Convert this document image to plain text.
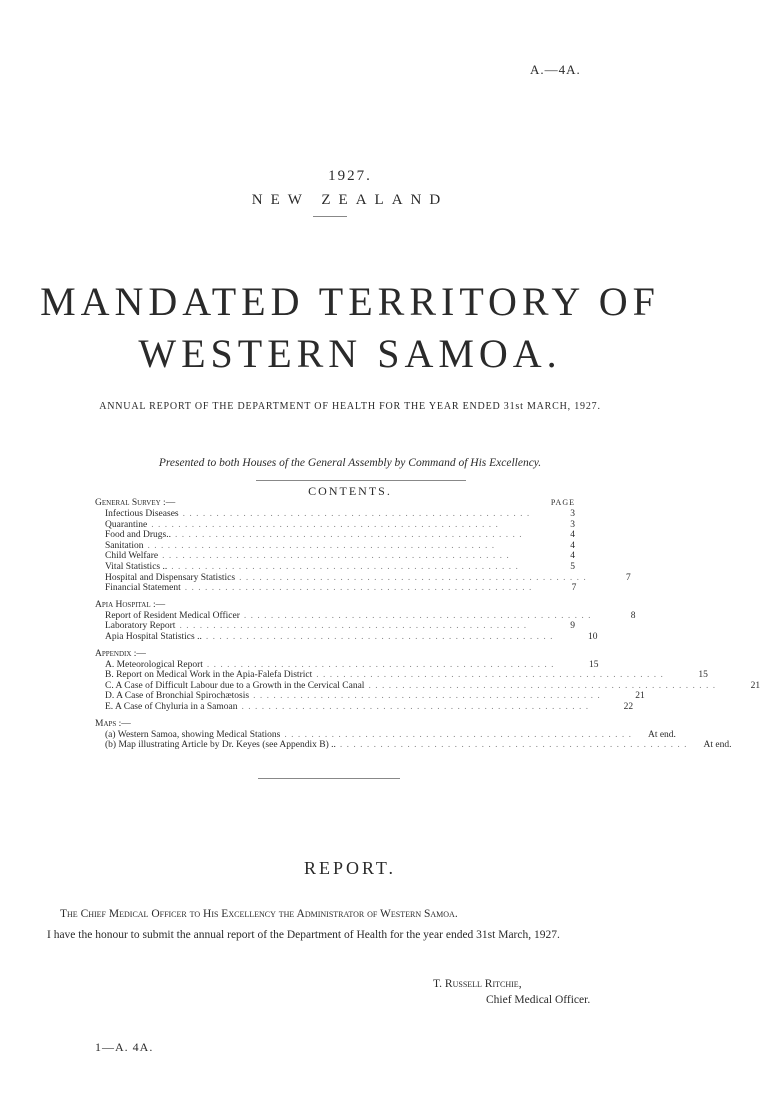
A.—4A.
1927.
NEW ZEALAND
MANDATED TERRITORY OF
WESTERN SAMOA.
ANNUAL REPORT OF THE DEPARTMENT OF HEALTH FOR THE YEAR ENDED 31st MARCH, 1927.
Presented to both Houses of the General Assembly by Command of His Excellency.
CONTENTS.
General Survey :—	PAGE
Infectious Diseases . . . . . . . . . . . . . . . . . . . . . . . . . . . . . . . . . . . . . . . . . . . . . . . . . . . .	3
Quarantine . . . . . . . . . . . . . . . . . . . . . . . . . . . . . . . . . . . . . . . . . . . . . . . . . . . .	3
Food and Drugs.. . . . . . . . . . . . . . . . . . . . . . . . . . . . . . . . . . . . . . . . . . . . . . . . . . . . .	4
Sanitation . . . . . . . . . . . . . . . . . . . . . . . . . . . . . . . . . . . . . . . . . . . . . . . . . . . .	4
Child Welfare . . . . . . . . . . . . . . . . . . . . . . . . . . . . . . . . . . . . . . . . . . . . . . . . . . . .	4
Vital Statistics .. . . . . . . . . . . . . . . . . . . . . . . . . . . . . . . . . . . . . . . . . . . . . . . . . . . . .	5
Hospital and Dispensary Statistics . . . . . . . . . . . . . . . . . . . . . . . . . . . . . . . . . . . . . . . . . . . . . . . . . . . .	7
Financial Statement . . . . . . . . . . . . . . . . . . . . . . . . . . . . . . . . . . . . . . . . . . . . . . . . . . . .	7
Apia Hospital :—
Report of Resident Medical Officer . . . . . . . . . . . . . . . . . . . . . . . . . . . . . . . . . . . . . . . . . . . . . . . . . . . .	8
Laboratory Report . . . . . . . . . . . . . . . . . . . . . . . . . . . . . . . . . . . . . . . . . . . . . . . . . . . .	9
Apia Hospital Statistics .. . . . . . . . . . . . . . . . . . . . . . . . . . . . . . . . . . . . . . . . . . . . . . . . . . . . .	10
Appendix :—
A. Meteorological Report . . . . . . . . . . . . . . . . . . . . . . . . . . . . . . . . . . . . . . . . . . . . . . . . . . . .	15
B. Report on Medical Work in the Apia-Falefa District . . . . . . . . . . . . . . . . . . . . . . . . . . . . . . . . . . . . . . . . . . . . . . . . . . . .	15
C. A Case of Difficult Labour due to a Growth in the Cervical Canal . . . . . . . . . . . . . . . . . . . . . . . . . . . . . . . . . . . . . . . . . . . . . . . . . . . .	21
D. A Case of Bronchial Spirochætosis . . . . . . . . . . . . . . . . . . . . . . . . . . . . . . . . . . . . . . . . . . . . . . . . . . . .	21
E. A Case of Chyluria in a Samoan . . . . . . . . . . . . . . . . . . . . . . . . . . . . . . . . . . . . . . . . . . . . . . . . . . . .	22
Maps :—
(a) Western Samoa, showing Medical Stations . . . . . . . . . . . . . . . . . . . . . . . . . . . . . . . . . . . . . . . . . . . . . . . . . . . .	At end.
(b) Map illustrating Article by Dr. Keyes (see Appendix B) .. . . . . . . . . . . . . . . . . . . . . . . . . . . . . . . . . . . . . . . . . . . . . . . . . . . . .	At end.
REPORT.
The Chief Medical Officer to His Excellency the Administrator of Western Samoa.
I have the honour to submit the annual report of the Department of Health for the year ended 31st March, 1927.
T. Russell Ritchie,
Chief Medical Officer.
1—A. 4A.
